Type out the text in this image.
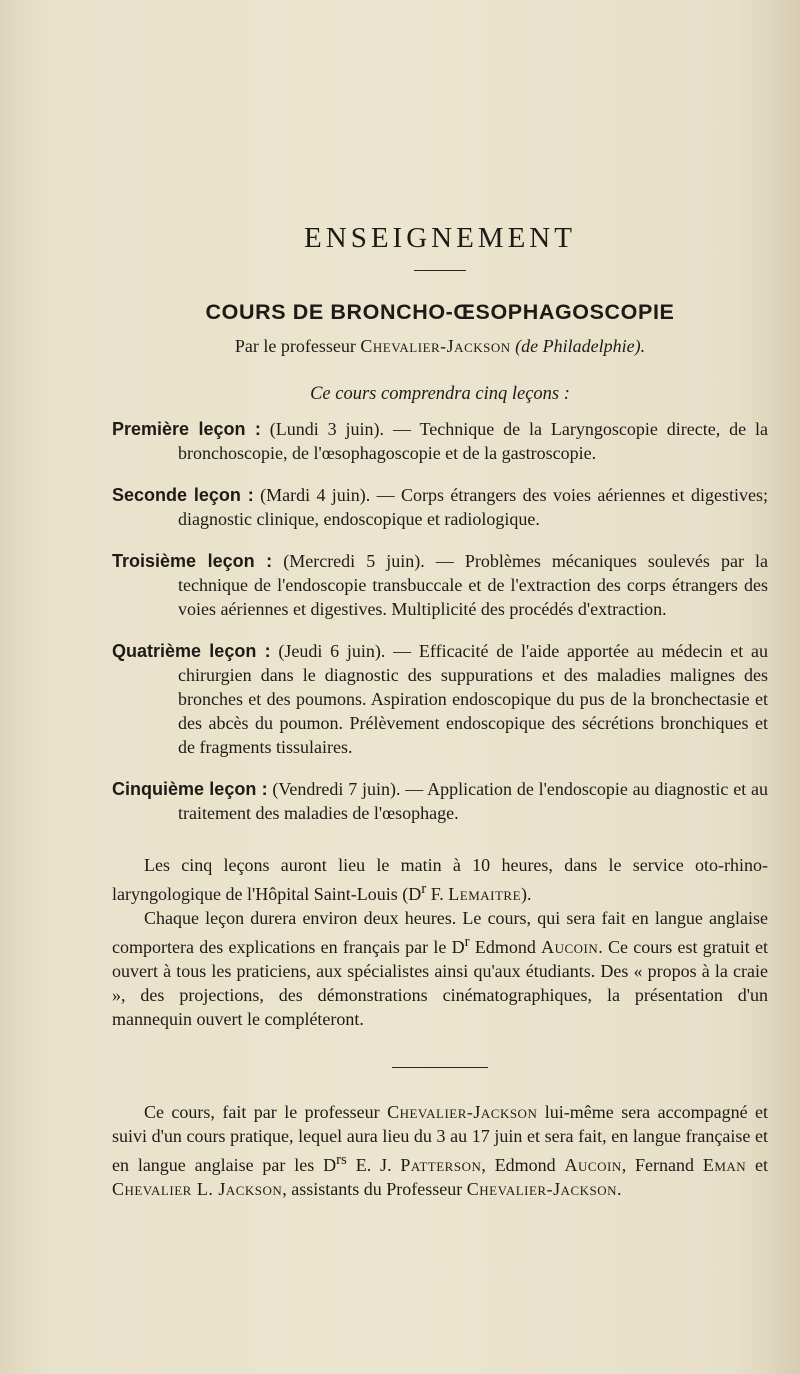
ENSEIGNEMENT
COURS DE BRONCHO-ŒSOPHAGOSCOPIE
Par le professeur Chevalier-Jackson (de Philadelphie).
Ce cours comprendra cinq leçons :

Première leçon : (Lundi 3 juin). — Technique de la Laryngoscopie directe, de la bronchoscopie, de l'œsophagoscopie et de la gastroscopie.

Seconde leçon : (Mardi 4 juin). — Corps étrangers des voies aériennes et digestives; diagnostic clinique, endoscopique et radiologique.

Troisième leçon : (Mercredi 5 juin). — Problèmes mécaniques soulevés par la technique de l'endoscopie transbuccale et de l'extraction des corps étrangers des voies aériennes et digestives. Multiplicité des procédés d'extraction.

Quatrième leçon : (Jeudi 6 juin). — Efficacité de l'aide apportée au médecin et au chirurgien dans le diagnostic des suppurations et des maladies malignes des bronches et des poumons. Aspiration endoscopique du pus de la bronchectasie et des abcès du poumon. Prélèvement endoscopique des sécrétions bronchiques et de fragments tissulaires.

Cinquième leçon : (Vendredi 7 juin). — Application de l'endoscopie au diagnostic et au traitement des maladies de l'œsophage.

Les cinq leçons auront lieu le matin à 10 heures, dans le service oto-rhino-laryngologique de l'Hôpital Saint-Louis ($D^r$ F. Lemaitre).

Chaque leçon durera environ deux heures. Le cours, qui sera fait en langue anglaise comportera des explications en français par le $D^r$ Edmond Aucoin. Ce cours est gratuit et ouvert à tous les praticiens, aux spécialistes ainsi qu'aux étudiants. Des « propos à la craie », des projections, des démonstrations cinématographiques, la présentation d'un mannequin ouvert le compléteront.

Ce cours, fait par le professeur Chevalier-Jackson lui-même sera accompagné et suivi d'un cours pratique, lequel aura lieu du 3 au 17 juin et sera fait, en langue française et en langue anglaise par les $D^{rs}$ E. J. Patterson, Edmond Aucoin, Fernand Eman et Chevalier L. Jackson, assistants du Professeur Chevalier-Jackson.
